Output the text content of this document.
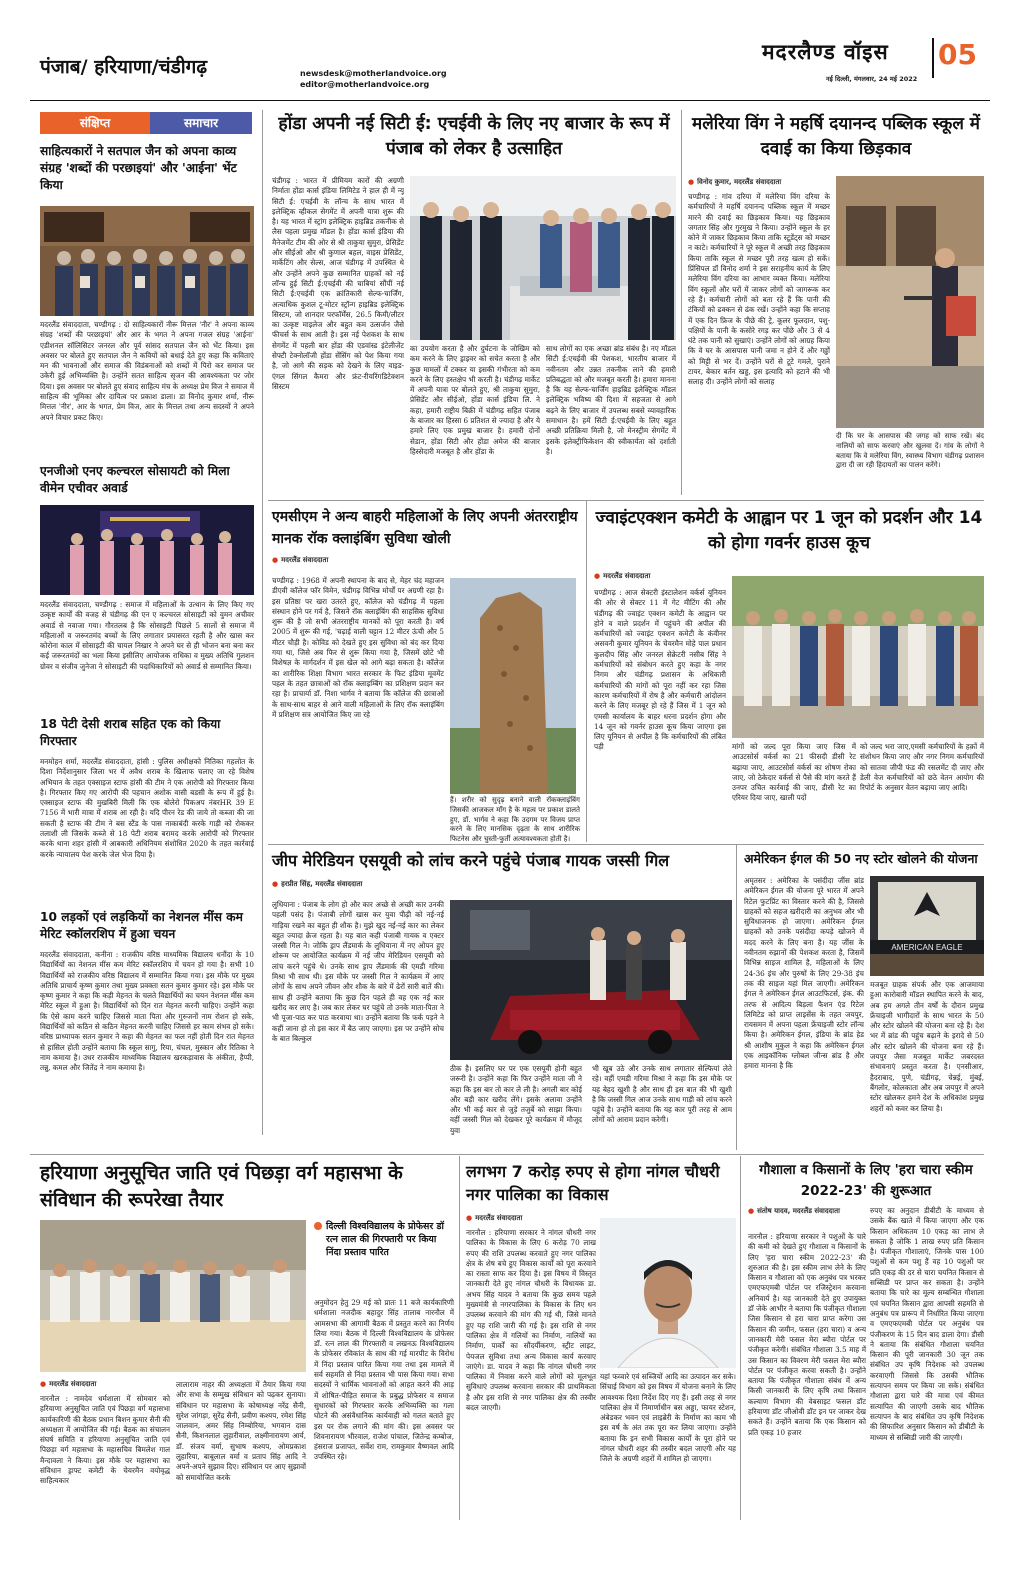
पंजाब/ हरियाणा/चंडीगढ़	newsdesk@motherlandvoice.org
editor@motherlandvoice.org
मदरलैण्ड वॉइस 05
नई दिल्ली, मंगलवार, 24 मई 2022
संक्षिप्त	समाचार
साहित्यकारों ने सतपाल जैन को अपना काव्य संग्रह 'शब्दों की परछाइयां' और 'आईना' भेंट किया
मदरलैंड संवाददाता, चण्डीगढ़ : दो साहित्यकारों नीरू मित्तल 'नीर' ने अपना काव्य संग्रह 'शब्दों की परछाइयां' और आर के भगत ने अपना गजल संग्रह 'आईना' एडीशनल सॉलिसिटर जनरल और पूर्व सांसद सतपाल जैन को भेंट किया। इस अवसर पर बोलते हुए सतपाल जैन ने कवियों को बधाई देते हुए कहा कि कविताएं मन की भावनाओं और समाज की विडंबनाओं को शब्दों में पिरो कर समाज पर उकेरी हुई अभिव्यक्ति है। उन्होंने सतत साहित्य सृजन की आवश्यकता पर जोर दिया। इस अवसर पर बोलते हुए संवाद साहित्य मंच के अध्यक्ष प्रेम विज ने समाज में साहित्य की भूमिका और दायित्व पर प्रकाश डाला। डा विनोद कुमार शर्मा, नीरू मित्तल 'नीर', आर के भगत, प्रेम विज, आर के मित्तल तथा अन्य सदस्यों ने अपने अपने विचार प्रकट किए।
एनजीओ एनए कल्चरल सोसायटी को मिला वीमेन एचीवर अवार्ड
मदरलैंड संवाददाता, चण्डीगढ़ : समाज में महिलाओं के उत्थान के लिए किए गए उत्कृष्ट कार्यों की वजह से चंडीगढ़ की एन ए कल्चरल सोसाइटी को वुमन अचीवर अवार्ड से नवाजा गया। गौरतलब है कि सोसाइटी पिछले 5 सालों से समाज में महिलाओं व जरूरतमंद बच्चों के लिए लगातार प्रयासरत रहती है और खास कर कोरोना काल में सोसाइटी की चायल निखार ने अपने घर से ही भोजन बना बना कर कई जरूरतमंदों का भला किया इसीलिए आयोजक राधिका व मुख्य अतिथि गुलशन ग्रोवर व संजीव जुनेजा ने सोसाइटी की पदाधिकारियों को अवार्ड से सम्मानित किया।
18 पेटी देसी शराब सहित एक को किया गिरफ्तार
मनमोहन शर्मा, मदरलैंड संवाददाता, हांसी : पुलिस अधीक्षको नितिका गहलोत के दिशा निर्देशानुसार जिला भर में अवैध शराब के खिलाफ चलाए जा रहे विशेष अभियान के तहत एक्साइज स्टाफ हांसी की टीम ने एक आरोपी को गिरफ्तार किया है। गिरफ्तार किए गए आरोपी की पहचान अशोक वासी बडसी के रूप में हुई है। एक्साइज स्टाफ की मुखबिरी मिली कि एक बोलेरो पिकअप नंबरHR 39 E 7156 में भारी मात्रा में शराब आ रही है। यदि पीरन रेड की जाये तो कब्जा की जा सकती है स्टाफ की टीम ने बस स्टैंड के पास नाकाबंदी करके गाड़ी को रोककर तलाशी ली जिसके कब्जे से 18 पेटी शराब बरामद करके आरोपी को गिरफ्तार करके थाना शहर हांसी में आबकारी अधिनियम संशोधित 2020 के तहत कार्रवाई करके न्यायालय पेश करके जेल भेज दिया है।
10 लड़कों एवं लड़कियों का नेशनल मींस कम मेरिट स्कॉलरशिप में हुआ चयन
मदरलैंड संवाददाता, कनीना : राजकीय वरिष्ठ माध्यमिक विद्यालय धनौंदा के 10 विद्यार्थियों का नेशनल मींस कम मेरिट स्कॉलरशिप में चयन हो गया है। सभी 10 विद्यार्थियों को राजकीय वरिष्ठ विद्यालय में सम्मानित किया गया। इस मौके पर मुख्य अतिथि प्राचार्य कृष्ण कुमार तथा मुख्य प्रवक्ता सतन कुमार कुमार रहे। इस मौके पर कृष्ण कुमार ने कहा कि कड़ी मेहनत के चलते विद्यार्थियों का चयन नेशनल मींस कम मेरिट स्कूल में हुआ है। विद्यार्थियों को दिन रात मेहनत करनी चाहिए। उन्होंने कहा कि ऐसे काम करने चाहिए जिससे माता पिता और गुरुजनों नाम रोशन हो सके, विद्यार्थियों को कठिन से कठिन मेहनत करनी चाहिए जिससे हर काम संभव हो सके। वरिष्ठ प्राध्यापक सतन कुमार ने कहा की मेहनत का फल नहीं होती दिन रात मेहनत से हासिल होती उन्होंने बताया कि स्कूल सागु, रिया, चंचल, मुस्कान और रितिका ने नाम कमाया है। उधर राजकीय माध्यमिक विद्यालय खरकड़ावास के अंकीता, हैप्पी, तन्नु, कमल और जितेंद्र ने नाम कमाया है।
होंडा अपनी नई सिटी ई: एचईवी के लिए नए बाजार के रूप में पंजाब को लेकर है उत्साहित
चंडीगढ़ : भारत में प्रीमियम कारों की अग्रणी निर्माता होंडा कार्स इंडिया लिमिटेड ने हाल ही में न्यू सिटी ई: एचईवी के लॉन्च के साथ भारत में इलेक्ट्रिक व्हीकल सेगमेंट में अपनी यात्रा शुरू की है। यह भारत में स्ट्रांग इलेक्ट्रिक हाइब्रिड तकनीक से लैस पहला प्रमुख मॉडल है। होंडा कार्स इंडिया की मैनेजमेंट टीम की ओर से श्री ताकुया सुमुरा, प्रेसिडेंट और सीईओ और श्री कुणाल बहल, वाइस प्रेसिडेंट, मार्केटिंग और सेल्स, आज चंडीगढ़ में उपस्थित थे और उन्होंने अपने कुछ सम्मानित ग्राहकों को नई लॉन्च हुई सिटी ई:एचईवी की चाबियां सौंपीं नई सिटी ई:एचईवी एक क्रांतिकारी सेल्फ-चार्जिंग, अत्याधिक कुशल टू-मोटर स्ट्रॉन्ग हाइब्रिड इलेक्ट्रिक सिस्टम, जो शानदार परफॉर्मेंस, 26.5 किमी/लीटर का उत्कृष्ट माइलेज और बहुत कम उत्सर्जन जैसे फीचर्स के साथ आती है। इस नई पेशकश के साथ सेगमेंट में पहली बार होंडा की एडवांस्ड इंटेलीजेंट सेफ्टी टेक्नोलॉजी होंडा सेंसिंग को पेश किया गया है, जो आगे की सड़क को देखने के लिए वाइड-एंगल सिंगल कैमरा और फ्रंट-रीयरिंगडिटेक्शन सिस्टम
का उपयोग करता है और दुर्घटना के जोखिम को कम करने के लिए ड्राइवर को सचेत करता है और कुछ मामलों में टक्कर या इसकी गंभीरता को कम करने के लिए हस्तक्षेप भी करती है। चंडीगढ़ मार्केट में अपनी यात्रा पर बोलते हुए, श्री ताकुया सुमुरा, प्रेसिडेंट और सीईओ, होंडा कार्स इंडिया लि. ने कहा, हमारी राष्ट्रीय बिक्री में चंडीगढ़ सहित पंजाब के बाजार का हिस्सा 6 प्रतिशत से ज्यादा है और ये हमारे लिए एक प्रमुख बाजार है। हमारी दोनों सेडान, होंडा सिटी और होंडा अमेज की बाजार हिस्सेदारी मजबूत है और होंडा के
साथ लोगों का एक अच्छा ब्रांड संबंध है। नए मॉडल सिटी ई:एचईवी की पेशकश, भारतीय बाजार में नवीनतम और उन्नत तकनीक लाने की हमारी प्रतिबद्धता को और मजबूत करती है। हमारा मानना है कि यह सेल्फ-चार्जिंग हाइब्रिड इलेक्ट्रिक मॉडल इलेक्ट्रिक भविष्य की दिशा में सहजता से आगे बढ़ने के लिए बाजार में उपलब्ध सबसे व्यावहारिक समाधान है। हमें सिटी ई:एचईवी के लिए बहुत अच्छी प्रतिक्रिया मिली है, जो मेनस्ट्रीम सेगमेंट में इसके इलेक्ट्रीफिकेशन की स्वीकार्यता को दर्शाती है।
मलेरिया विंग ने महर्षि दयानन्द पब्लिक स्कूल में दवाई का किया छिड़काव
● विनोद कुमार, मदरलैंड संवाददाता
चण्डीगढ़ : गांव दरिया में मलेरिया विंग दरिया के कर्मचारियों ने महर्षि दयानन्द पब्लिक स्कूल में मच्छर मारने की दवाई का छिड़काव किया। यह छिड़काव जगतार सिंह और गुरमुख ने किया। उन्होंने स्कूल के हर कोने में जाकर छिड़काव किया ताकि स्टूडेंट्स को मच्छर न काटे। कर्मचारियों ने पूरे स्कूल में अच्छी तरह छिड़काव किया ताकि स्कूल से मच्छर पूरी तरह खत्म हो सकें। प्रिंसिपल डॉ विनोद शर्मा ने इस सराहनीय कार्य के लिए मलेरिया विंग दरिया का आभार व्यक्त किया। मलेरिया विंग स्कूलों और घरों में जाकर लोगों को जागरूक कर रहे हैं। कर्मचारी लोगों को बता रहे हैं कि पानी की टंकियों को ढक्कन से ढंक रखें। उन्होंने कहा कि सप्ताह में एक दिन फ्रिज के पीछे की ट्रे, कूलर फूलदान, पशु-पक्षियों के पानी के कसोरे रगड़ कर पोंछे और 3 से 4 घंटे तक पानी को सुखाएं। उन्होंने लोगों को आग्रह किया कि वे घर के आसपास पानी जमा न होने दें और गढ्ढों को मिट्टी से भर दें। उन्होंने घरों से टूटे गमले, पुराने टायर, बेकार बर्तन खड्ड, इस इत्यादि को हटाने की भी सलाह दी। उन्होंने लोगों को सलाह
दी कि घर के आसपास की जगह को साफ रखें। बंद नालियों को साफ करवाएं और खुलवा दें। गांव के लोगों ने बताया कि वे मलेरिया विंग, स्वास्थ्य विभाग चंडीगढ़ प्रशासन द्वारा दी जा रही हिदायतों का पालन करेंगे।
एमसीएम ने अन्य बाहरी महिलाओं के लिए अपनी अंतरराष्ट्रीय मानक रॉक क्लाइंबिंग सुविधा खोली
● मदरलैंड संवाददाता
चण्डीगढ़ : 1968 में अपनी स्थापना के बाद से, मेहर चंद महाजन डीएवी कॉलेज फॉर विमेन, चंडीगढ़ विभिन्न मोर्चों पर अग्रणी रहा है। इस प्रतिष्ठा पर खरा उतरते हुए, कॉलेज को चंडीगढ़ में पहला संस्थान होने पर गर्व है, जिसने रॉक क्लाइंबिंग की साहसिक सुविधा शुरू की है जो सभी अंतरराष्ट्रीय मानकों को पूरा करती है। वर्ष 2005 में शुरू की गई, 'चढ़ाई वाली चट्टान 12 मीटर ऊंची और 5 मीटर चौड़ी है। कोविड को देखते हुए इस सुविधा को बंद कर दिया गया था, जिसे अब फिर से शुरू किया गया है, जिसमें छोटे भी विशेषज्ञ के मार्गदर्शन में इस खेल को आगे बढ़ा सकता है। कॉलेज का शारीरिक शिक्षा विभाग भारत सरकार के फिट इंडिया मूवमेंट पहल के तहत छात्राओं को रॉक क्लाइम्बिंग का प्रशिक्षण प्रदान कर रहा है। प्राचार्या डॉ. निशा भार्गव ने बताया कि कॉलेज की छात्राओं के साथ-साथ बाहर से आने वाली महिलाओं के लिए रॉक क्लाइंबिंग में प्रशिक्षण सत्र आयोजित किए जा रहे
हैं। शरीर को सुदृढ़ बनाने वाली रॉकक्लाइंबिंग जिसकी आजकल माँग है के महत्व पर प्रकाश डालते हुए, डॉ. भार्गव ने कहा कि उदगम पर विजय प्राप्त करने के लिए मानसिक दृढ़ता के साथ शारीरिक फिटनेस और चुस्ती-फुर्ती अत्यावश्यकता होती है।
ज्वाइंटएक्शन कमेटी के आह्वान पर 1 जून को प्रदर्शन और 14 को होगा गवर्नर हाउस कूच
● मदरलैंड संवाददाता
चण्डीगढ़ : आज सेक्टरी इंस्टालेशन वर्कर्स यूनियन की ओर से सेक्टर 11 में गेट मीटिंग की और चंडीगढ़ की ज्वाइंट एक्शन कमेटी के आह्वान पर होने व वाले प्रदर्शन में पहुंचने की अपील की कर्मचारियों को ज्वाइंट एक्शन कमेटी के कंवीनर असवनी कुमार यूनियन के चेयरमैन मोहे पाल प्रधान कुलदीप सिंह और जनरल सेक्रेटरी नसीब सिंह ने कर्मचारियों को संबोधन करते हुए कहा के नगर निगम और चंडीगढ़ प्रशासन के अधिकारी कर्मचारियों की मांगों को पूरा नहीं कर रहा जिस कारण कर्मचारियों में रोष है और कर्मचारी आंदोलन करने के लिए मजबूर हो रहे हैं जिस में 1 जून को एमसी कार्यालय के बाहर धरना प्रदर्शन होगा और 14 जून को गवर्नर हाउस कूच किया जाएगा इस लिए यूनियन से अपील है कि कर्मचारियों की लंबित पड़ी	मांगों को जल्द पूरा किया जाए जिस में आउटसोर्स वर्कर्स का 21 फीसदी डीसी रेट बढ़ाया जाए, आउटसोर्स वर्कर्स का शोषण रोका जाए, जो ठेकेदार वर्कर्स से पैसे की मांग करते हैं उनपर उचित कार्रवाई की जाए, डीसी रेट का एरियर दिया जाए, खाली पदों
को जल्द भरा जाए,एमसी कर्मचारियों के हक़ों में संशोधन किया जाए और नगर निगम कर्मचारियों को सातवा जीपी फंड की रसलमेंट दी जाए और डेली वेज कर्मचारियों को छठे वेतन आयोग की रिपोर्ट के अनुसार वेतन बढ़ाया जाए आदि।
जीप मेरिडियन एसयूवी को लांच करने पहुंचे पंजाब गायक जस्सी गिल
● हरप्रीत सिंह, मदरलैंड संवाददाता
लुधियाना : पंजाब के लोग हो और कार अच्छे से अच्छी कार उनकी पहली पसंद है। पंजाबी लोगों खास कर युवा पीढ़ी को नई-नई गाड़िया रखने का बहुत ही शौक है। मुझे खुद नई-नई कार का लेकर बहुत ज्यादा क्रेज रहता है। यह बात कही पंजाबी गायक व एक्टर जस्सी गिल ने। जोकि ड्राप लैंडमार्क के लुधियाना में नए ओपन हुए शोरूम पर आयोजित कार्यक्रम में नई जीप मेरिडियन एसयूवी को लांच करने पहुंचे थे। उनके साथ ड्राप लैंडमार्क की एमडी गरिमा मिश्रा भी साथ थी। इस मौके पर जस्सी गिल ने कार्यक्रम में आए लोगों के साथ अपने जीवन और शौक के बारे में ढेरों सारी बातें की। साथ ही उन्होंने बताया कि कुछ दिन पहले ही वह एक नई कार खरीद कर लाए है। जब कार लेकर घर पहुंचे तो उनके माता-पिता ने भी पूजा-पाठ कर पाठ करवाया था। उन्होंने बताया कि फर्क पड़ने ने कहीं जाना हो तो इस कार में बैठ जाए जाएगा। इस पर उन्होंने सोच के बात बिल्कुल
ठीक है। इसलिए घर पर एक एसयूवी होनी बहुत जरूरी है। उन्होंने कहा कि फिर उन्होंने माता जी ने कहा कि इस बार तो कार ले ली है। अगली बार कोई और बड़ी कार खरीद लेंगे। इसके अलावा उन्होंने और भी कई कार से जुड़े तजुर्बे को साझा किया। वहीं जस्सी गिल को देखकर पूरे कार्यक्रम में मौजूद युवा
भी खूब उठे और उनके साथ लगातार सेल्फियां लेते रहे। वहीं एमडी गरिमा मिश्रा ने कहा कि इस मौके पर यह बेहद खुशी है और साथ ही इस बात की भी खुशी है कि जस्सी गिल आज उनके साथ गाड़ी को लांच करने पहुंचे है। उन्होंने बताया कि यह कार पूरी तरह से आम लोगों को आराम प्रदान करेगी।
अमेरिकन ईगल की 50 नए स्टोर खोलने की योजना
अमृतसर : अमेरिका के पसंदीदा जींस ब्रांड अमेरिकन ईगल की योजना पूरे भारत में अपने रिटेल फुटप्रिंट का विस्तार करने की है, जिससे ग्राहकों को सहज खरीदारी का अनुभव और भी सुविधाजनक हो जाएगा। अमेरिकन ईगल ग्राहकों को उनके पसंदीदा कपड़े खोजने में मदद करने के लिए बना है। यह जींस के नवीनतम रुझानों की पेशकश करता है, जिसमें विभिन्न साइज शामिल है, महिलाओं के लिए 24-36 इंच और पुरुषों के लिए 29-38 इंच तक की साइज यहां मिल जाएगी। अमेरिकन ईगल ने अमेरिकन ईगल आउटफिटर्स, इंक. की तरफ से आदित्य बिड़ला फैशन एंड रिटेल लिमिटेड को प्राप्त लाइसेंस के तहत जयपुर, रायसमन में अपना पहला फ्रेंचाइजी स्टोर लॉन्च किया है। अमेरिकन ईगल, इंडिया के ब्रांड हेड श्री आशीष मुकुल ने कहा कि अमेरिकन ईगल एक आइकॉनिक ग्लोबल जीन्स ब्रांड है और हमारा मानना है कि
AMERICAN EAGLE
मजबूत ग्राहक संपर्क और एक आजमाया हुआ कारोबारी मॉडल स्थापित करने के बाद, अब हम अगले तीन वर्षों के दौरान प्रमुख फ्रेंचाइजी भागीदारों के साथ भारत के 50 और स्टोर खोलने की योजना बना रहे हैं। देश भर में ब्रांड की पहुंच बढ़ाने के इरादे से 50 और स्टोर खोलने की योजना बना रहे हैं। जयपुर जैसा मजबूत मार्केट जबरदस्त संभावनाएं प्रस्तुत करता है। एनसीआर, हैदराबाद, पुणे, चंडीगढ़, चेन्नई, मुंबई, बैंगलोर, कोलकाता और अब जयपुर में अपने स्टोर खोलकर हमने देश के अधिकांश प्रमुख शहरों को कवर कर लिया है।
हरियाणा अनुसूचित जाति एवं पिछड़ा वर्ग महासभा के संविधान की रूपरेखा तैयार
● मदरलैंड संवाददाता
नारनौल : नामदेव धर्मशाला में सोमवार को हरियाणा अनुसूचित जाति एवं पिछड़ा वर्ग महासभा कार्यकारिणी की बैठक प्रधान बिशन कुमार सैनी की अध्यक्षता में आयोजित की गई। बैठक का संचालन संघर्ष समिति व हरियाणा अनुसूचित जाति एवं पिछड़ा वर्ग महासभा के महासचिव बिमलेश गाल मैन्दावला ने किया। इस मौके पर महासभा का संविधान ड्राफ्ट कमेटी के चेयरमैन वयोवृद्ध साहित्यकार
लालाराम नाहर की अध्यक्षता में तैयार किया गया और सभा के सम्मुख संविधान को पढ़कर सुनाया। संविधान पर महासभा के कोषाध्यक्ष नरेंद्र सैनी, सुरेश जांगड़ा, सुरेंद्र सैनी, प्रवीण कश्यप, रमेश सिंह जालवान, अमर सिंह निम्बोरिया, भगवान दास सैनी, किशनलाल लुहारीवाल, लक्ष्मीनारायण आर्य, डॉ. संजय वर्मा, सुभाष कश्यप, ओमप्रकाश लुहारिया, बाबूलाल वर्मा व प्रताप सिंह आदि ने अपने-अपने सुझाव दिए। संविधान पर आए सुझावों को समायोजित करके
दिल्ली विश्वविद्यालय के प्रोफेसर डॉ रत्न लाल की गिरफ्तारी पर किया निंदा प्रस्ताव पारित
अनुमोदन हेतु 29 मई को प्रातः 11 बजे कार्यकारिणी धर्मशाला नजदीक बहादुर सिंह तालाब नारनौल में आमसभा की आगामी बैठक में प्रस्तुत करने का निर्णय लिया गया। बैठक में दिल्ली विश्वविद्यालय के प्रोफेसर डॉ. रत्न लाल की गिरफ्तारी व लखनऊ विश्वविद्यालय के प्रोफेसर रविकांत के साथ की गई मारपीट के विरोध में निंदा प्रस्ताव पारित किया गया तथा इस मामले में सर्व सहमति से निंदा प्रस्ताव भी पास किया गया। सभा सदस्यों ने धार्मिक भावनाओं को आहत करने की आड़ में शोषित-पीड़ित समाज के प्रबुद्ध प्रोफेसर व समाज सुधारकों को गिरफ्तार करके अभिव्यक्ति का गला घोटने की असंवैधानिक कार्यवाही को गलत बताते हुए इस पर रोक लगाने की मांग की। इस अवसर पर शिवनारायण भीरवाल, राजेश पांचाल, जितेन्द्र कम्बोज, हंसराज प्रजापत, सर्वेश राम, रामकुमार वैष्णवल आदि उपस्थित रहे।
लगभग 7 करोड़ रुपए से होगा नांगल चौधरी नगर पालिका का विकास
● मदरलैंड संवाददाता
नारनौल : हरियाणा सरकार ने नांगल चौधरी नगर पालिका के विकास के लिए 6 करोड़ 70 लाख रुपए की राशि उपलब्ध करवाते हुए नगर पालिका क्षेत्र के शेष बचे हुए विकास कार्यों को पूरा करवाने का रास्ता साफ कर दिया है। इस विषय में विस्तृत जानकारी देते हुए नांगल चौधरी के विधायक डा. अभय सिंह यादव ने बताया कि कुछ समय पहले मुख्यमंत्री से नगरपालिका के विकास के लिए धन उपलब्ध करवाने की मांग की गई थी, जिसे मानते हुए यह राशि जारी की गई है। इस राशि से नगर पालिका क्षेत्र में गलियों का निर्माण, नालियों का निर्माण, पार्कों का सौंदर्यीकरण, स्ट्रीट लाइट, पेयजल सुविधा तथा अन्य विकास कार्य करवाए जाएंगे। डा. यादव ने कहा कि नांगल चौधरी नगर पालिका में निवास करने वाले लोगों को मूलभूत सुविधाएं उपलब्ध करवाना सरकार की प्राथमिकता है और इस राशि से नगर पालिका क्षेत्र की तस्वीर बदल जाएगी।
यहां फव्वारे एवं सब्जियों आदि का उत्पादन कर सके। सिंचाई विभाग को इस विषय में योजना बनाने के लिए आवश्यक दिशा निर्देश दिए गए हैं। इसी तरह से नगर पालिका क्षेत्र में निमार्णाधीन बस अड्डा, फायर स्टेशन, अंबेडकर भवन एवं लाइब्रेरी के निर्माण का काम भी इस वर्ष के अंत तक पूरा कर लिया जाएगा। उन्होंने बताया कि इन सभी विकास कार्यों के पूरा होने पर नांगल चौधरी शहर की तस्वीर बदल जाएगी और यह जिले के अग्रणी शहरों में शामिल हो जाएगा।
गौशाला व किसानों के लिए 'हरा चारा स्कीम 2022-23' की शुरूआत
● संतोष यादव, मदरलैंड संवाददाता
नारनौल : हरियाणा सरकार ने पशुओं के चारे की कमी को देखते हुए गौशाला व किसानों के लिए 'हरा चारा स्कीम 2022-23' की शुरुआत की है। इस स्कीम लाभ लेने के लिए किसान व गौशाला को एक अनुबंध पत्र भरकर एमएफएमबी पोर्टल पर रजिस्ट्रेशन करवाना अनिवार्य है। यह जानकारी देते हुए उपायुक्त डॉ जेके आभीर ने बताया कि पंजीकृत गौशाला जिस किसान से हरा चारा प्राप्त करेगा उस किसान की जमीन, फसल (हरा चारा) व अन्य जानकारी मेरी फसल मेरा ब्यौरा पोर्टल पर पंजीकृत करेगी। संबंधित गौशाला 3.5 माह में उस किसान का विवरण मेरी फसल मेरा ब्यौरा पोर्टल पर पंजीकृत करवा सकती है। उन्होंने बताया कि पंजीकृत गौशाला संबंध में अन्य किसी जानकारी के लिए कृषि तथा किसान कल्याण विभाग की वेबसाइट फसल डॉट हरियाणा डॉट जीओवी डॉट इन पर जाकर देख सकते हैं। उन्होंने बताया कि एक किसान को प्रति एकड़ 10 हजार
रुपए का अनुदान डीबीटी के माध्यम से उसके बैंक खाते में किया जाएगा और एक किसान अधिकतम 10 एकड़ का लाभ ले सकता है जोकि 1 लाख रुपए प्रति किसान है। पंजीकृत गौशालाएं, जिनके पास 100 पशुओं से कम पशु हैं वह 10 पशुओं पर प्रति एकड़ की दर से चारा चयनित किसान से सब्सिडी पर प्राप्त कर सकता है। उन्होंने बताया कि चारे का मूल्य सम्बन्धित गौशाला एवं चयनित किसान द्वारा आपसी सहमति से अनुबंध पत्र प्रारूप में निर्धारित किया जाएगा व एमएफएमबी पोर्टल पर अनुबंध पत्र पंजीकरण के 15 दिन बाद डाला देगा। डीसी ने बताया कि संबंधित गौशाला चयनित किसान की पूरी जानकारी 30 जून तक संबंधित उप कृषि निदेशक को उपलब्ध करवाएगी जिससे कि उसकी भौतिक सत्यापन समय पर किया जा सके। संबंधित गौशाला द्वारा चारे की मात्रा एवं कीमत सत्यापित की जाएगी उसके बाद भौतिक सत्यापन के बाद संबंधित उप कृषि निदेशक की सिफारिश अनुसार किसान को डीबीटी के माध्यम से सब्सिडी जारी की जाएगी।
